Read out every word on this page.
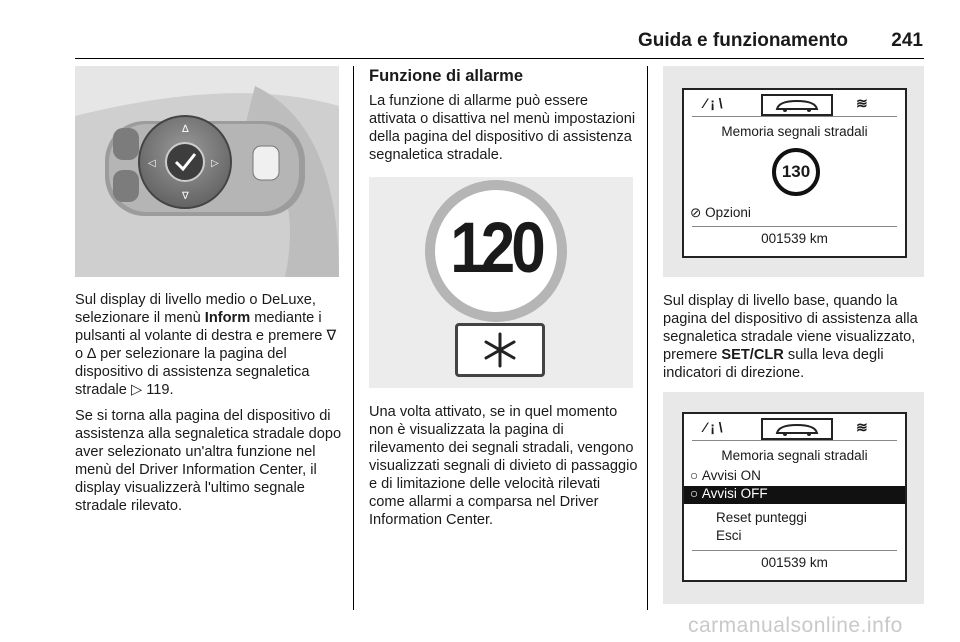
Guida e funzionamento 241
∆
∇
◁	▷

Sul display di livello medio o DeLuxe, selezionare il menù Inform mediante i pulsanti al volante di destra e premere ∇ o ∆ per selezionare la pagina del dispositivo di assistenza segnaletica stradale ▷ 119.

Se si torna alla pagina del dispositivo di assistenza alla segnaletica stradale dopo aver selezionato un'altra funzione nel menù del Driver Information Center, il display visualizzerà l'ultimo segnale stradale rilevato.

Funzione di allarme

La funzione di allarme può essere attivata o disattiva nel menù impostazioni della pagina del dispositivo di assistenza segnaletica stradale.

120

Una volta attivato, se in quel momento non è visualizzata la pagina di rilevamento dei segnali stradali, vengono visualizzati segnali di divieto di passaggio e di limitazione delle velocità rilevati come allarmi a comparsa nel Driver Information Center.

⁄ ¡ \	≋
Memoria segnali stradali
130
⊘ Opzioni
001539 km

Sul display di livello base, quando la pagina del dispositivo di assistenza alla segnaletica stradale viene visualizzato, premere SET/CLR sulla leva degli indicatori di direzione.

⁄ ¡ \	≋
Memoria segnali stradali
○ Avvisi ON
○ Avvisi OFF
Reset punteggi
Esci
001539 km
carmanualsonline.info
